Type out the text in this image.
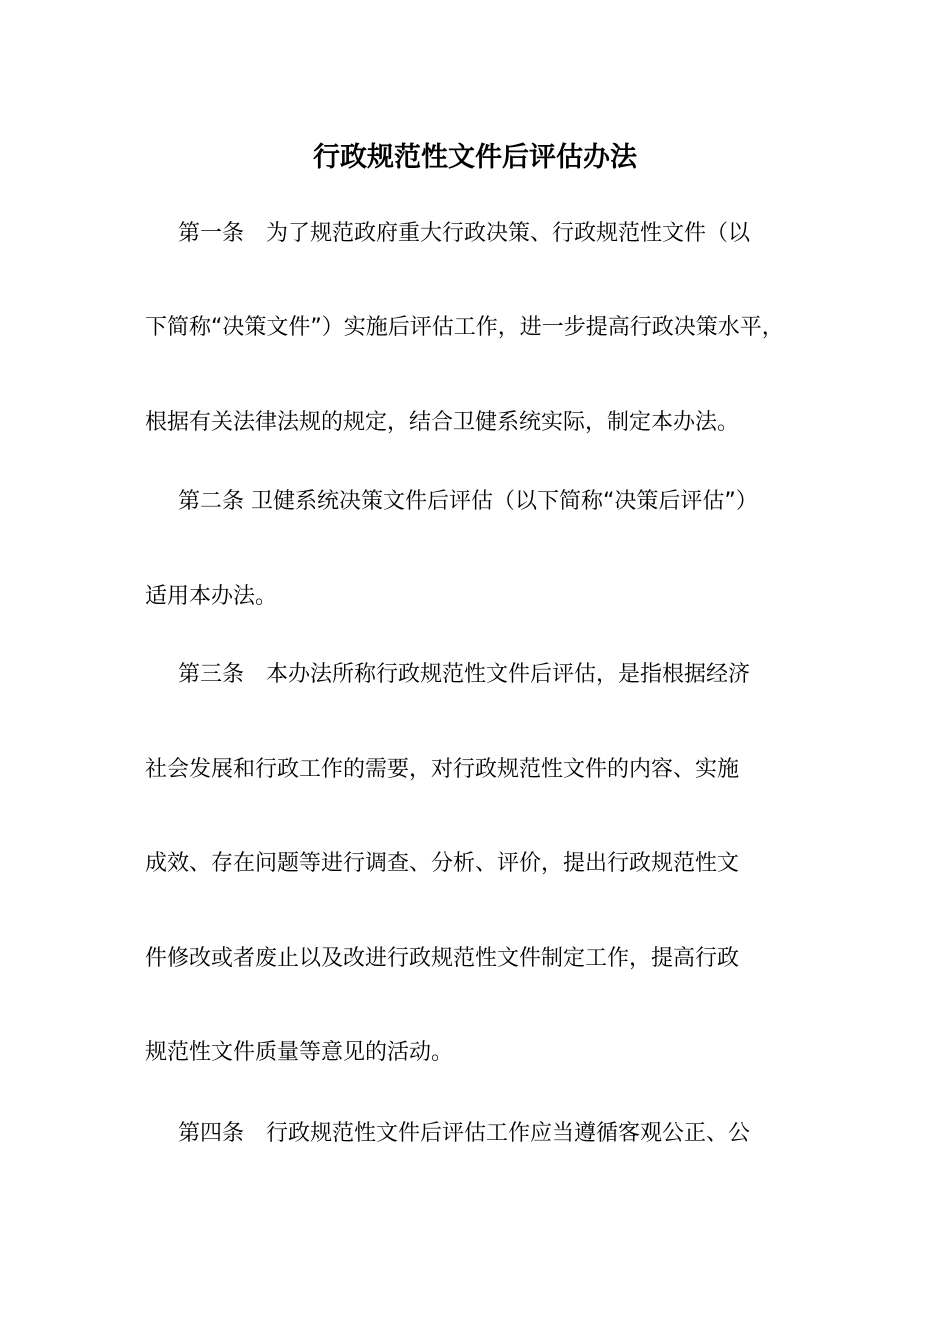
行政规范性文件后评估办法
第一条　为了规范政府重大行政决策、行政规范性文件（以
下简称“决策文件”）实施后评估工作，进一步提高行政决策水平，
根据有关法律法规的规定，结合卫健系统实际，制定本办法。
第二条 卫健系统决策文件后评估（以下简称“决策后评估”）
适用本办法。
第三条　本办法所称行政规范性文件后评估，是指根据经济
社会发展和行政工作的需要，对行政规范性文件的内容、实施
成效、存在问题等进行调查、分析、评价，提出行政规范性文
件修改或者废止以及改进行政规范性文件制定工作，提高行政
规范性文件质量等意见的活动。
第四条　行政规范性文件后评估工作应当遵循客观公正、公
